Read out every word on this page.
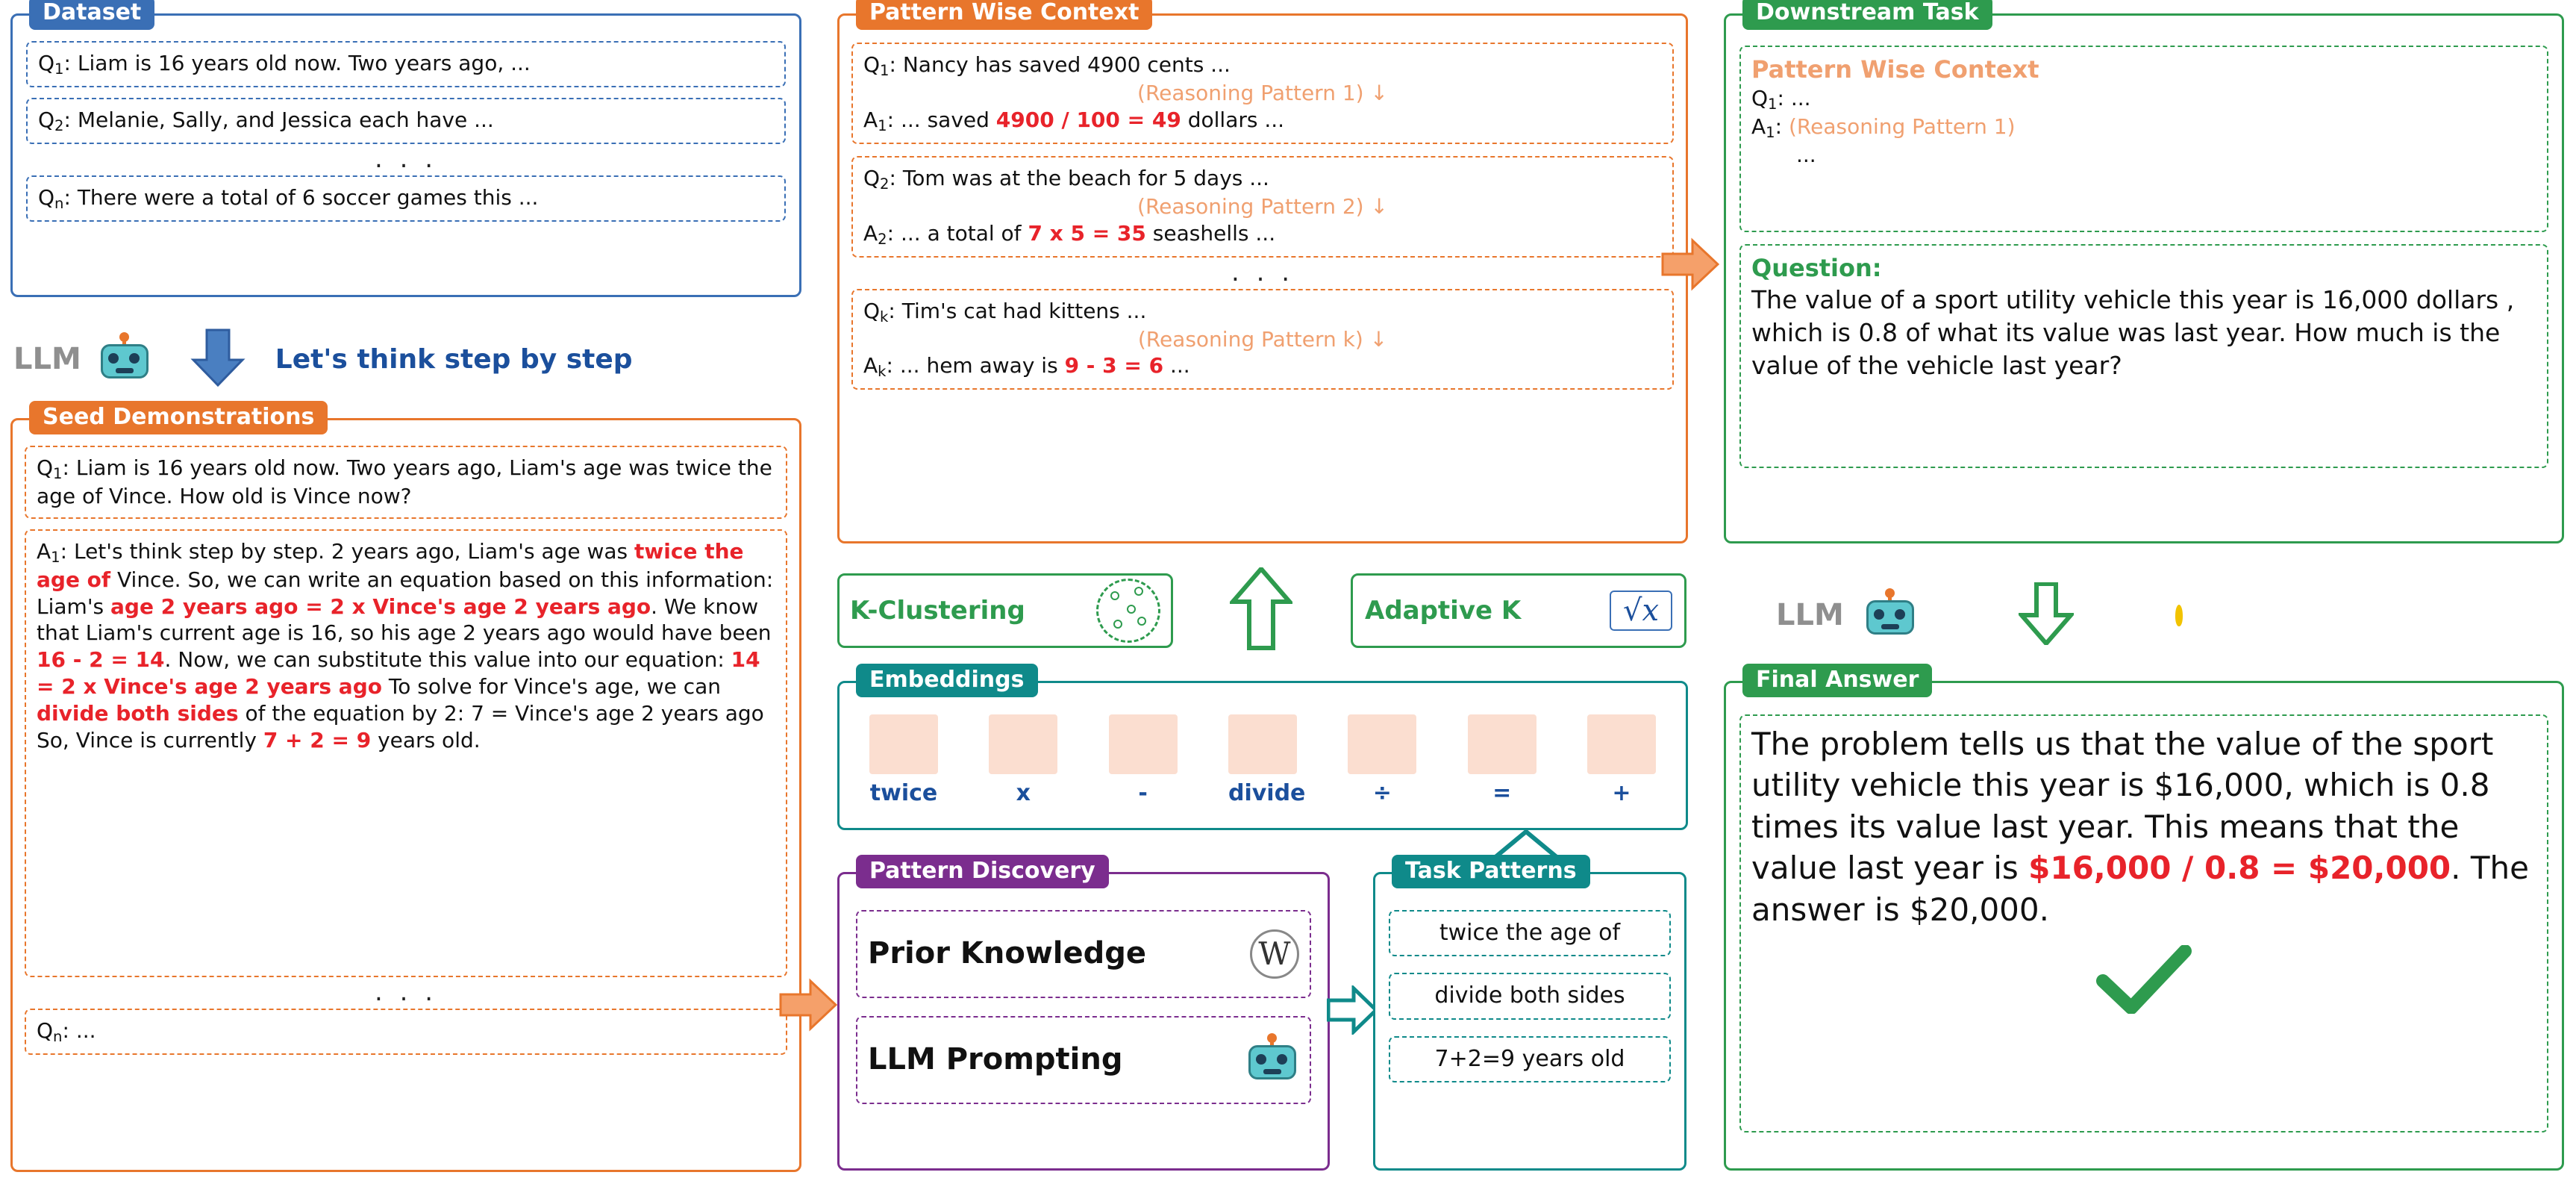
Dataset
$Q_1$: Liam is 16 years old now. Two years ago, ...
$Q_2$: Melanie, Sally, and Jessica each have ...
. . .
$Q_n$: There were a total of 6 soccer games this ...
LLM	Let's think step by step
Seed Demonstrations
$Q_1$: Liam is 16 years old now. Two years ago, Liam's age was twice the age of Vince. How old is Vince now?
$A_1$: Let's think step by step. 2 years ago, Liam's age was twice the age of Vince. So, we can write an equation based on this information: Liam's age 2 years ago = 2 x Vince's age 2 years ago. We know that Liam's current age is 16, so his age 2 years ago would have been 16 - 2 = 14. Now, we can substitute this value into our equation: 14 = 2 x Vince's age 2 years ago To solve for Vince's age, we can divide both sides of the equation by 2: 7 = Vince's age 2 years ago So, Vince is currently 7 + 2 = 9 years old.
. . .
$Q_n$: ...
Pattern Wise Context
$Q_1$: Nancy has saved 4900 cents ...
(Reasoning Pattern 1) ↓
$A_1$: ... saved 4900 / 100 = 49 dollars ...
$Q_2$: Tom was at the beach for 5 days ...
(Reasoning Pattern 2) ↓
$A_2$: ... a total of 7 x 5 = 35 seashells ...
. . .
$Q_k$: Tim's cat had kittens ...
(Reasoning Pattern k) ↓
$A_k$: ... hem away is 9 - 3 = 6 ...
K-Clustering	Adaptive K	√x
Embeddings
twice	x	-	divide	÷	=	+
Pattern Discovery
Prior Knowledge	W
LLM Prompting
Task Patterns
twice the age of
divide both sides
7+2=9 years old
Downstream Task
Pattern Wise Context
$Q_1$: ...
$A_1$: (Reasoning Pattern 1)
...
Question:
The value of a sport utility vehicle this year is 16,000 dollars , which is 0.8 of what its value was last year. How much is the value of the vehicle last year?
LLM
Final Answer
The problem tells us that the value of the sport utility vehicle this year is $16,000, which is 0.8 times its value last year. This means that the value last year is $16,000 / 0.8 = $20,000. The answer is $20,000.
